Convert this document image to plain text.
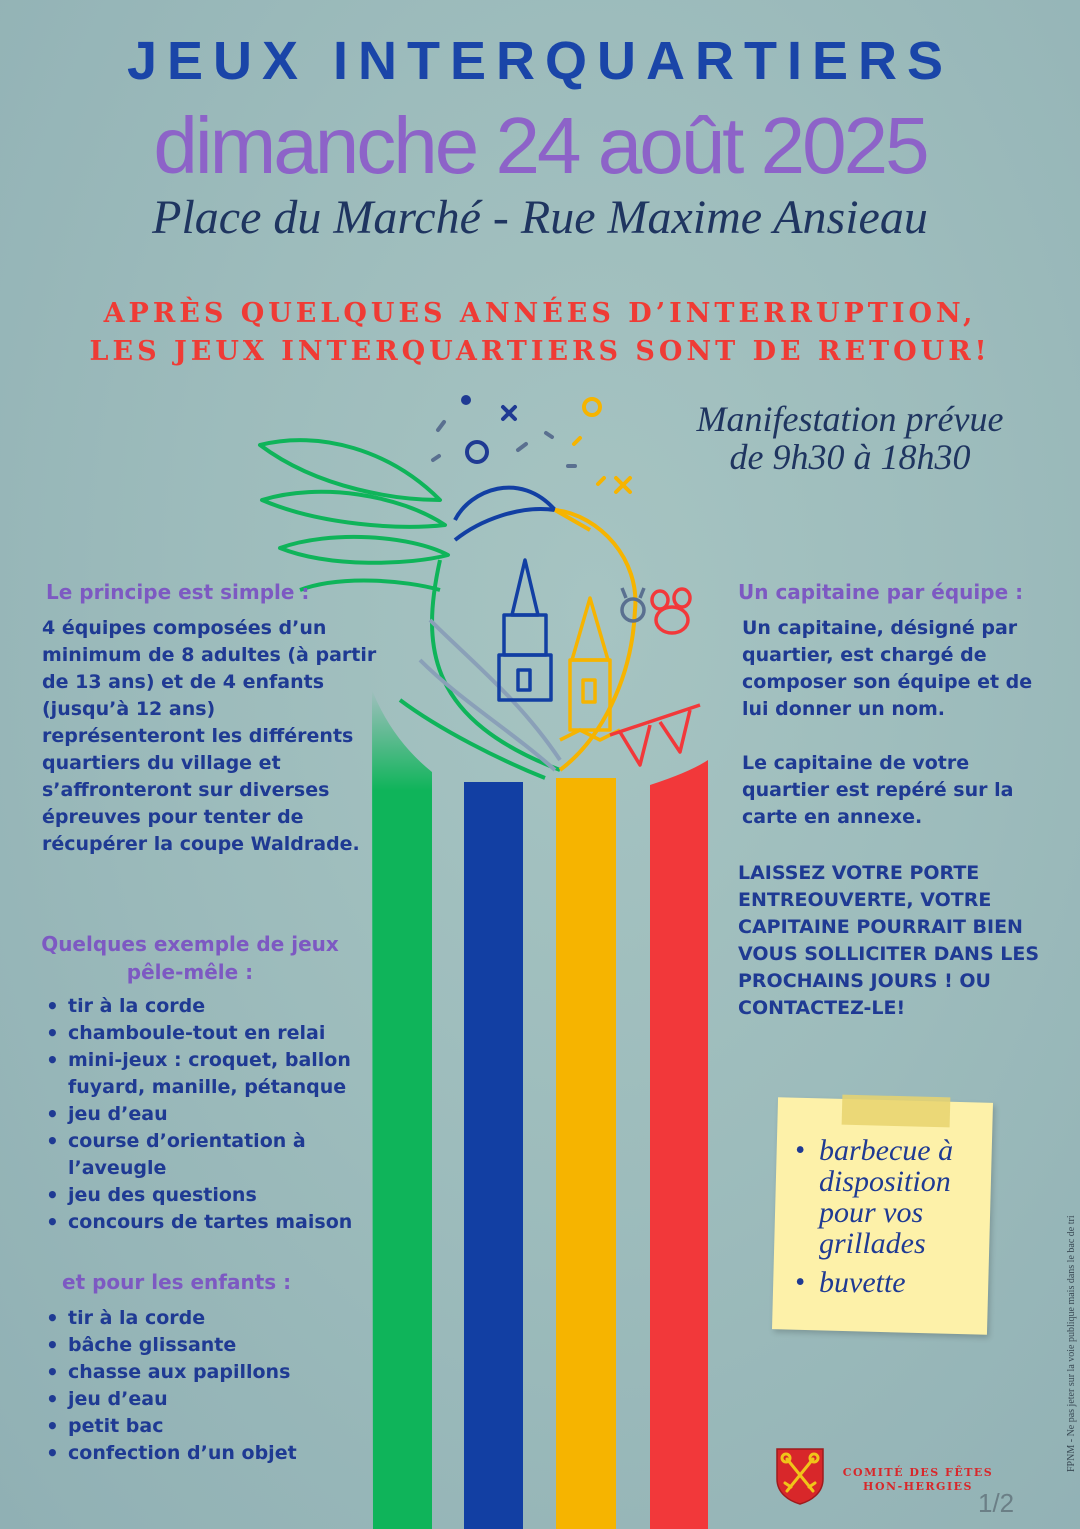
JEUX INTERQUARTIERS
dimanche 24 août 2025
Place du Marché - Rue Maxime Ansieau
APRÈS QUELQUES ANNÉES D’INTERRUPTION,
LES JEUX INTERQUARTIERS SONT DE RETOUR!
Manifestation prévue
de 9h30 à 18h30
Le principe est simple :
4 équipes composées d’un minimum de 8 adultes (à partir de 13 ans) et de 4 enfants (jusqu’à 12 ans) représenteront les différents quartiers du village et s’affronteront sur diverses épreuves pour tenter de récupérer la coupe Waldrade.
Quelques exemple de jeux
pêle-mêle :
• tir à la corde
• chamboule-tout en relai
• mini-jeux : croquet, ballon fuyard, manille, pétanque
• jeu d’eau
• course d’orientation à l’aveugle
• jeu des questions
• concours de tartes maison
et pour les enfants :
• tir à la corde
• bâche glissante
• chasse aux papillons
• jeu d’eau
• petit bac
• confection d’un objet
Un capitaine par équipe :
Un capitaine, désigné par quartier, est chargé de composer son équipe et de lui donner un nom.
Le capitaine de votre quartier est repéré sur la carte en annexe.
LAISSEZ VOTRE PORTE ENTREOUVERTE, VOTRE CAPITAINE POURRAIT BIEN VOUS SOLLICITER DANS LES PROCHAINS JOURS ! OU CONTACTEZ-LE!
• barbecue à disposition pour vos grillades
• buvette
COMITÉ DES FÊTES
HON-HERGIES
1/2
FPNM - Ne pas jeter sur la voie publique mais dans le bac de tri
